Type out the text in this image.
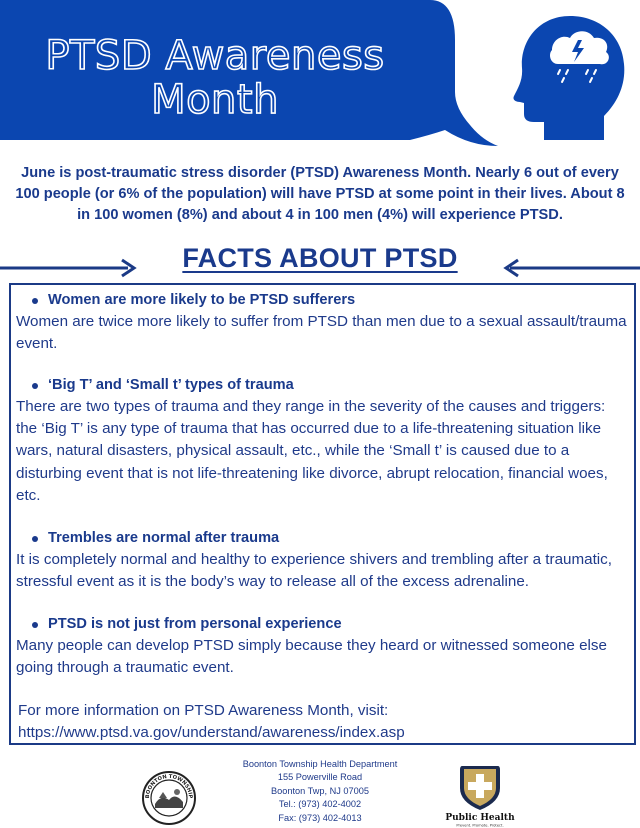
PTSD Awareness
Month
June is post-traumatic stress disorder (PTSD) Awareness Month. Nearly 6 out of every 100 people (or 6% of the population) will have PTSD at some point in their lives. About 8 in 100 women (8%) and about 4 in 100 men (4%) will experience PTSD.
FACTS ABOUT PTSD
Women are more likely to be PTSD sufferers
Women are twice more likely to suffer from PTSD than men due to a sexual assault/trauma event.
‘Big T’ and ‘Small t’ types of trauma
There are two types of trauma and they range in the severity of the causes and triggers: the ‘Big T’ is any type of trauma that has occurred due to a life-threatening situation like wars, natural disasters, physical assault, etc., while the ‘Small t’ is caused due to a disturbing event that is not life-threatening like divorce, abrupt relocation, financial woes, etc.
Trembles are normal after trauma
It is completely normal and healthy to experience shivers and trembling after a traumatic, stressful event as it is the body’s way to release all of the excess adrenaline.
PTSD is not just from personal experience
Many people can develop PTSD simply because they heard or witnessed someone else going through a traumatic event.
For more information on PTSD Awareness Month, visit:
https://www.ptsd.va.gov/understand/awareness/index.asp
BOONTON TOWNSHIP
Boonton Township Health Department
155 Powerville Road
Boonton Twp, NJ 07005
Tel.: (973) 402-4002
Fax: (973) 402-4013	Public Health
Prevent. Promote. Protect.
